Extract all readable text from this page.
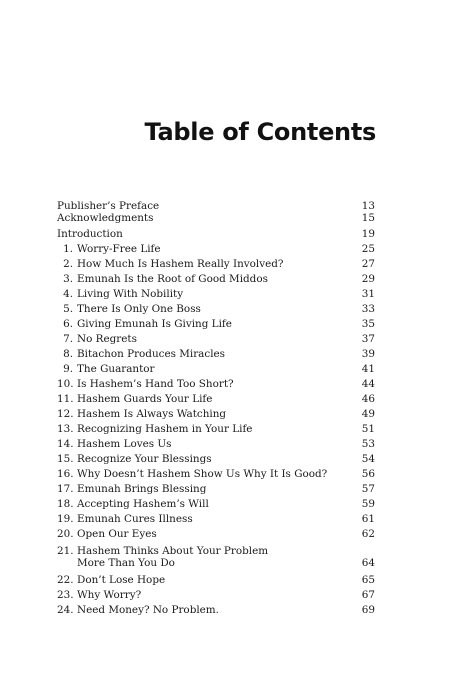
Table of Contents
Publisher’s Preface	13
Acknowledgments	15
Introduction	19
1. Worry-Free Life	25
2. How Much Is Hashem Really Involved?	27
3. Emunah Is the Root of Good Middos	29
4. Living With Nobility	31
5. There Is Only One Boss	33
6. Giving Emunah Is Giving Life	35
7. No Regrets	37
8. Bitachon Produces Miracles	39
9. The Guarantor	41
10. Is Hashem’s Hand Too Short?	44
11. Hashem Guards Your Life	46
12. Hashem Is Always Watching	49
13. Recognizing Hashem in Your Life	51
14. Hashem Loves Us	53
15. Recognize Your Blessings	54
16. Why Doesn’t Hashem Show Us Why It Is Good?	56
17. Emunah Brings Blessing	57
18. Accepting Hashem’s Will	59
19. Emunah Cures Illness	61
20. Open Our Eyes	62
21. Hashem Thinks About Your Problem
More Than You Do	64
22. Don’t Lose Hope	65
23. Why Worry?	67
24. Need Money? No Problem.	69
